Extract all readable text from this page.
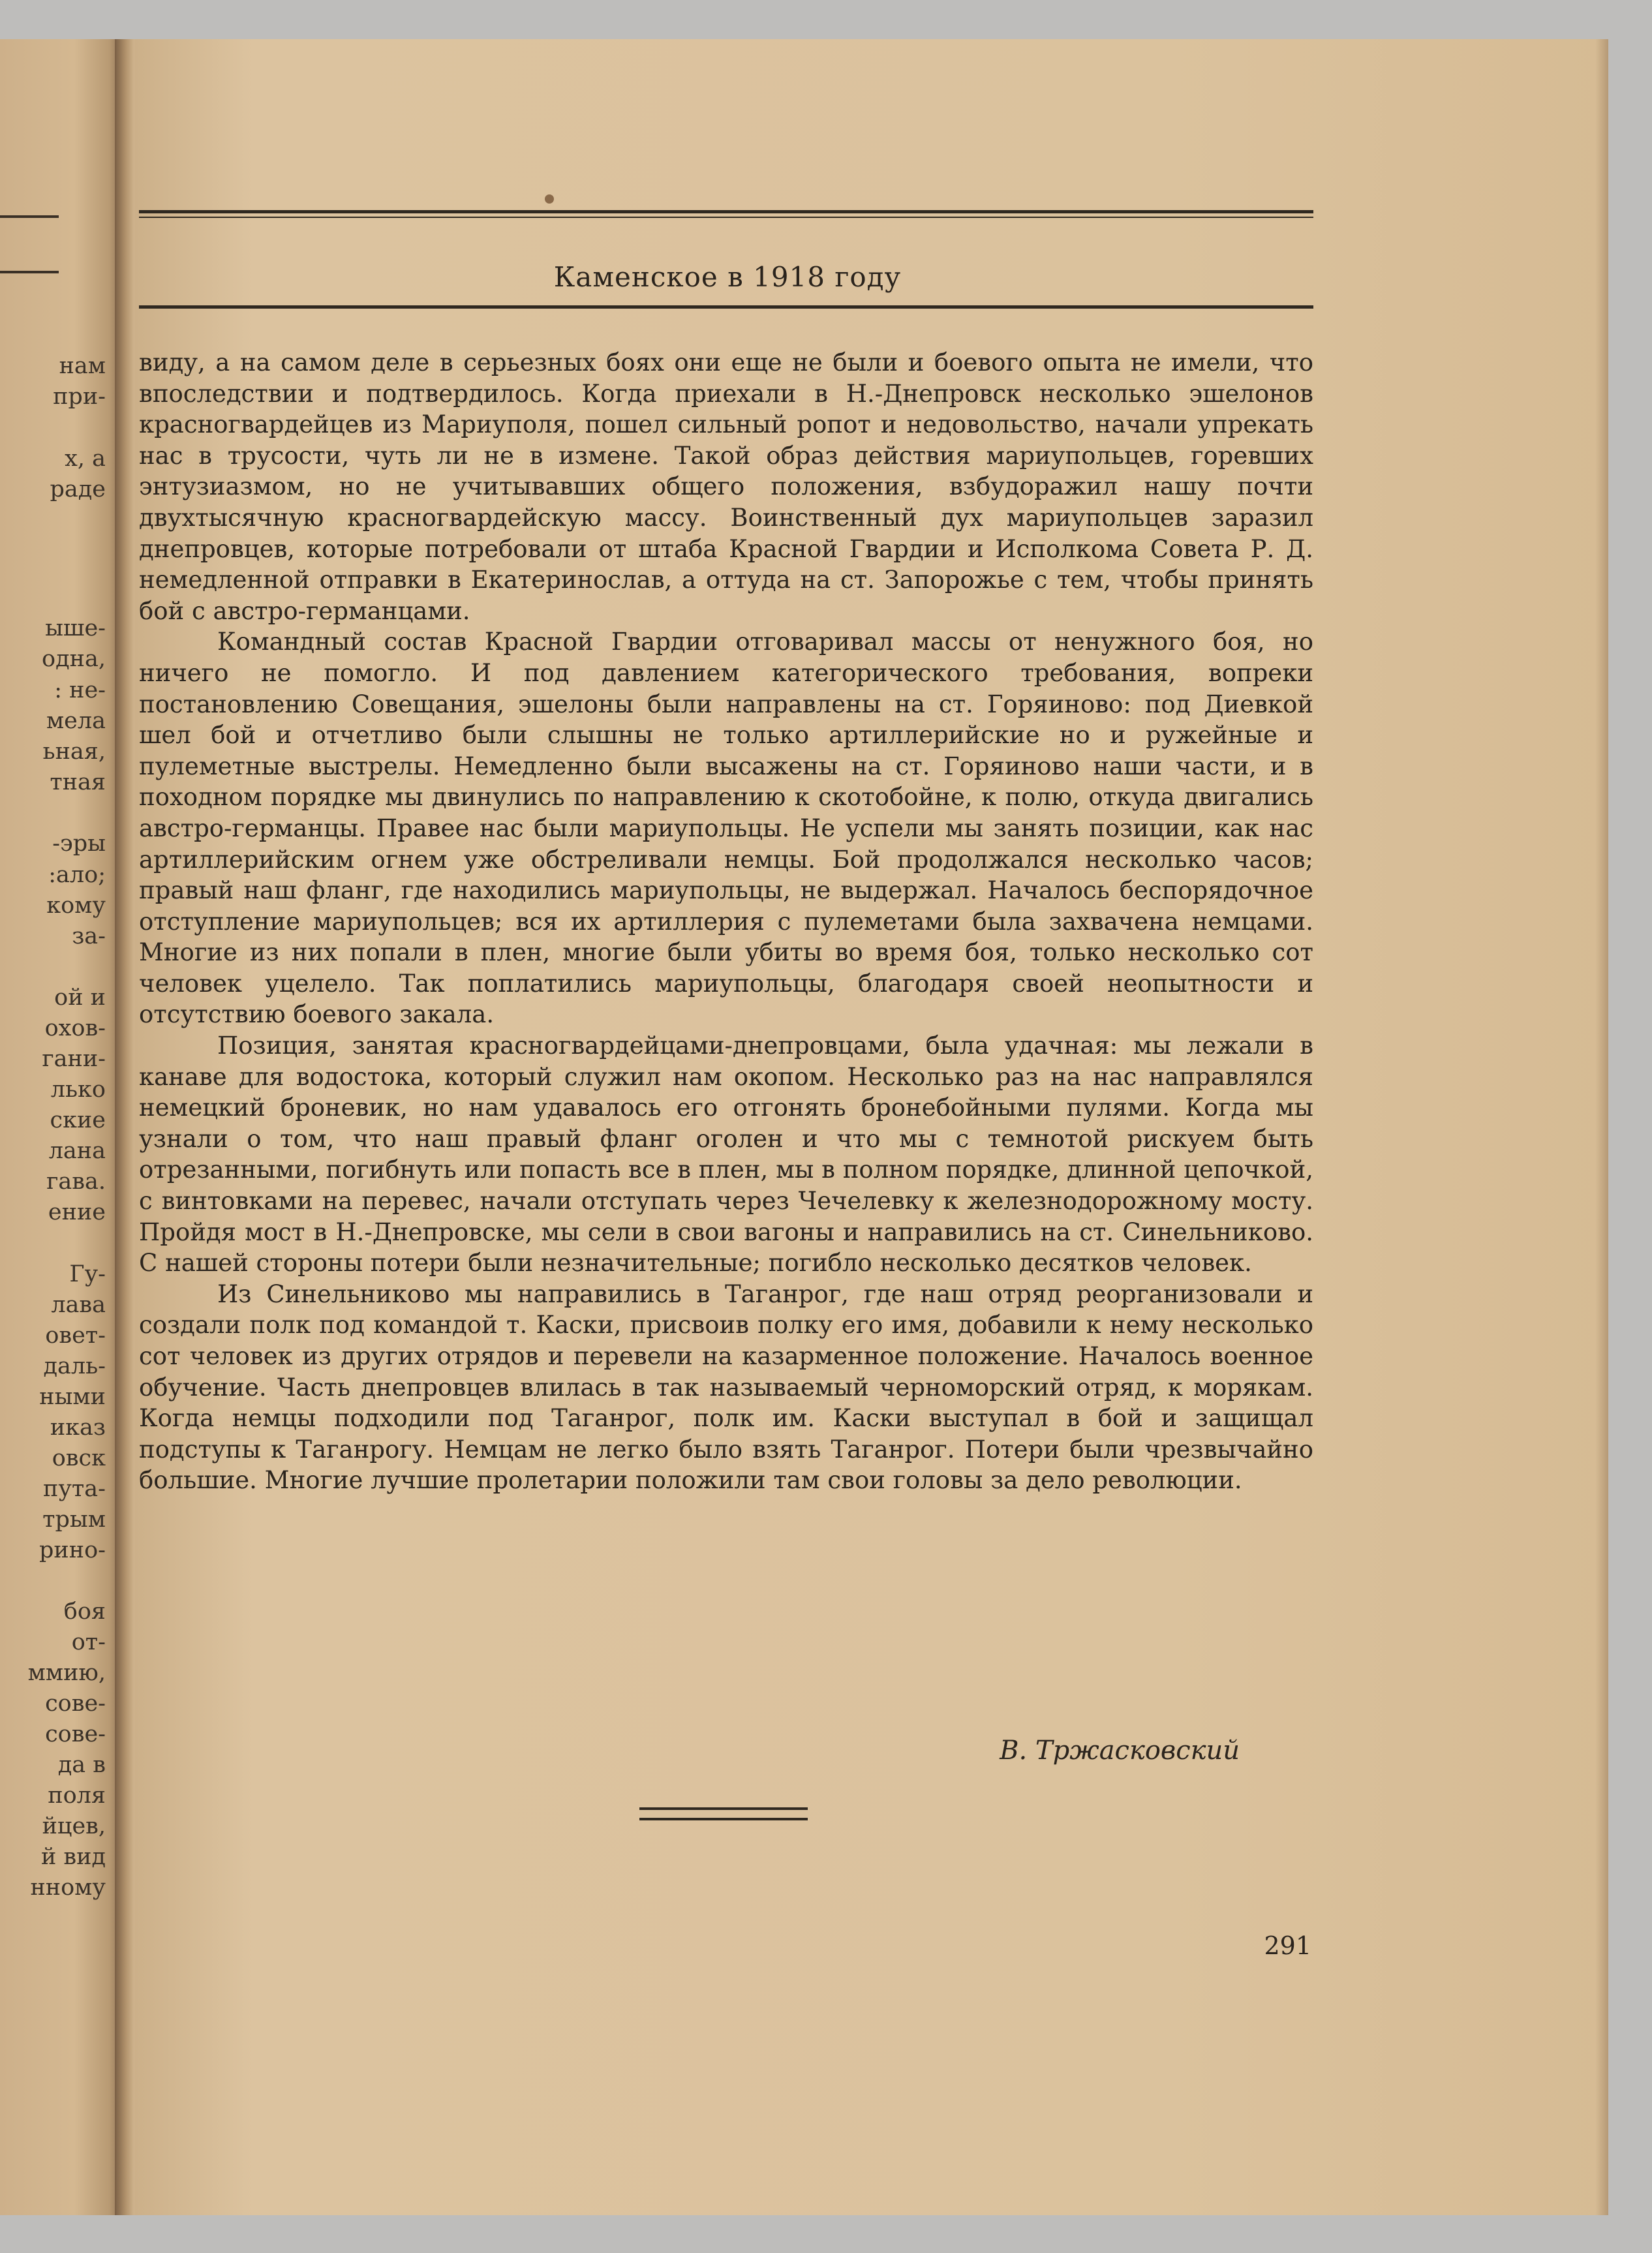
нам
при-
х, а
раде
ыше-
одна,
: не-
мела
ьная,
тная
-эры
:ало;
кому
за-
ой и
охов-
гани-
лько
ские
лана
гава.
ение
Гу-
лава
овет-
даль-
ными
иказ
овск
пута-
трым
рино-
боя
от-
ммию,
сове-
сове-
да в
поля
йцев,
й вид
нному
Каменское в 1918 году

виду, а на самом деле в серьезных боях они еще не были и боевого опыта не имели, что впоследствии и подтвердилось. Когда приехали в Н.-Днепровск несколько эшелонов красногвардейцев из Мариуполя, пошел сильный ропот и недовольство, начали упрекать нас в трусости, чуть ли не в измене. Такой образ действия мариупольцев, горевших энтузиазмом, но не учитывавших общего положения, взбудоражил нашу почти двухтысячную красногвардейскую массу. Воинственный дух мариупольцев заразил днепровцев, которые потребовали от штаба Красной Гвардии и Исполкома Совета Р. Д. немедленной отправки в Екатеринослав, а оттуда на ст. Запорожье с тем, чтобы принять бой с австро-германцами.

Командный состав Красной Гвардии отговаривал массы от ненужного боя, но ничего не помогло. И под давлением категорического требования, вопреки постановлению Совещания, эшелоны были направлены на ст. Горяиново: под Диевкой шел бой и отчетливо были слышны не только артиллерийские но и ружейные и пулеметные выстрелы. Немедленно были высажены на ст. Горяиново наши части, и в походном порядке мы двинулись по направлению к скотобойне, к полю, откуда двигались австро-германцы. Правее нас были мариупольцы. Не успели мы занять позиции, как нас артиллерийским огнем уже обстреливали немцы. Бой продолжался несколько часов; правый наш фланг, где находились мариупольцы, не выдержал. Началось беспорядочное отступление мариупольцев; вся их артиллерия с пулеметами была захвачена немцами. Многие из них попали в плен, многие были убиты во время боя, только несколько сот человек уцелело. Так поплатились мариупольцы, благодаря своей неопытности и отсутствию боевого закала.

Позиция, занятая красногвардейцами-днепровцами, была удачная: мы лежали в канаве для водостока, который служил нам окопом. Несколько раз на нас направлялся немецкий броневик, но нам удавалось его отгонять бронебойными пулями. Когда мы узнали о том, что наш правый фланг оголен и что мы с темнотой рискуем быть отрезанными, погибнуть или попасть все в плен, мы в полном порядке, длинной цепочкой, с винтовками на перевес, начали отступать через Чечелевку к железнодорожному мосту. Пройдя мост в Н.-Днепровске, мы сели в свои вагоны и направились на ст. Синельниково. С нашей стороны потери были незначительные; погибло несколько десятков человек.

Из Синельниково мы направились в Таганрог, где наш отряд реорганизовали и создали полк под командой т. Каски, присвоив полку его имя, добавили к нему несколько сот человек из других отрядов и перевели на казарменное положение. Началось военное обучение. Часть днепровцев влилась в так называемый черноморский отряд, к морякам. Когда немцы подходили под Таганрог, полк им. Каски выступал в бой и защищал подступы к Таганрогу. Немцам не легко было взять Таганрог. Потери были чрезвычайно большие. Многие лучшие пролетарии положили там свои головы за дело революции.

В. Тржасковский
291
